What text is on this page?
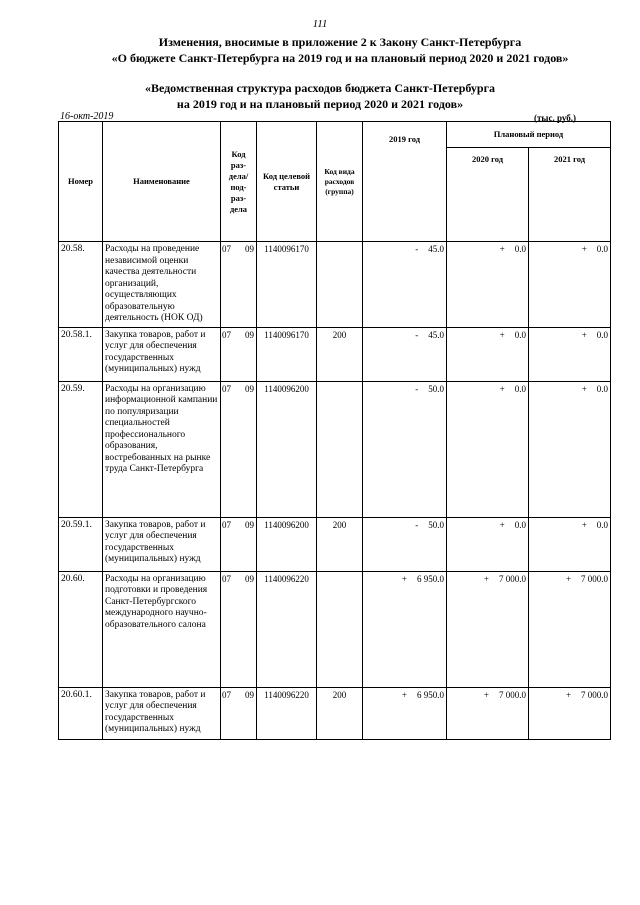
111
Изменения, вносимые в приложение 2 к Закону Санкт-Петербурга
«О бюджете Санкт-Петербурга на 2019 год и на плановый период 2020 и 2021 годов»
«Ведомственная структура расходов бюджета Санкт-Петербурга
на 2019 год и на плановый период 2020 и 2021 годов»
16-окт-2019	(тыс. руб.)
Номер	Наименование	Код раз- дела/ под- раз- дела	Код целевой статьи	Код вида расходов (группа)	2019 год	Плановый период	
						2020 год	2021 год
20.58.	Расходы на проведение независимой оценки качества деятельности организаций, осуществляющих образовательную деятельность (НОК ОД)	07 09	1140096170		- 45.0	+ 0.0	+ 0.0
20.58.1.	Закупка товаров, работ и услуг для обеспечения государственных (муниципальных) нужд	07 09	1140096170	200	- 45.0	+ 0.0	+ 0.0
20.59.	Расходы на организацию информационной кампании по популяризации специальностей профессионального образования, востребованных на рынке труда Санкт-Петербурга	07 09	1140096200		- 50.0	+ 0.0	+ 0.0
20.59.1.	Закупка товаров, работ и услуг для обеспечения государственных (муниципальных) нужд	07 09	1140096200	200	- 50.0	+ 0.0	+ 0.0
20.60.	Расходы на организацию подготовки и проведения Санкт-Петербургского международного научно-образовательного салона	07 09	1140096220		+ 6 950.0	+ 7 000.0	+ 7 000.0
20.60.1.	Закупка товаров, работ и услуг для обеспечения государственных (муниципальных) нужд	07 09	1140096220	200	+ 6 950.0	+ 7 000.0	+ 7 000.0
